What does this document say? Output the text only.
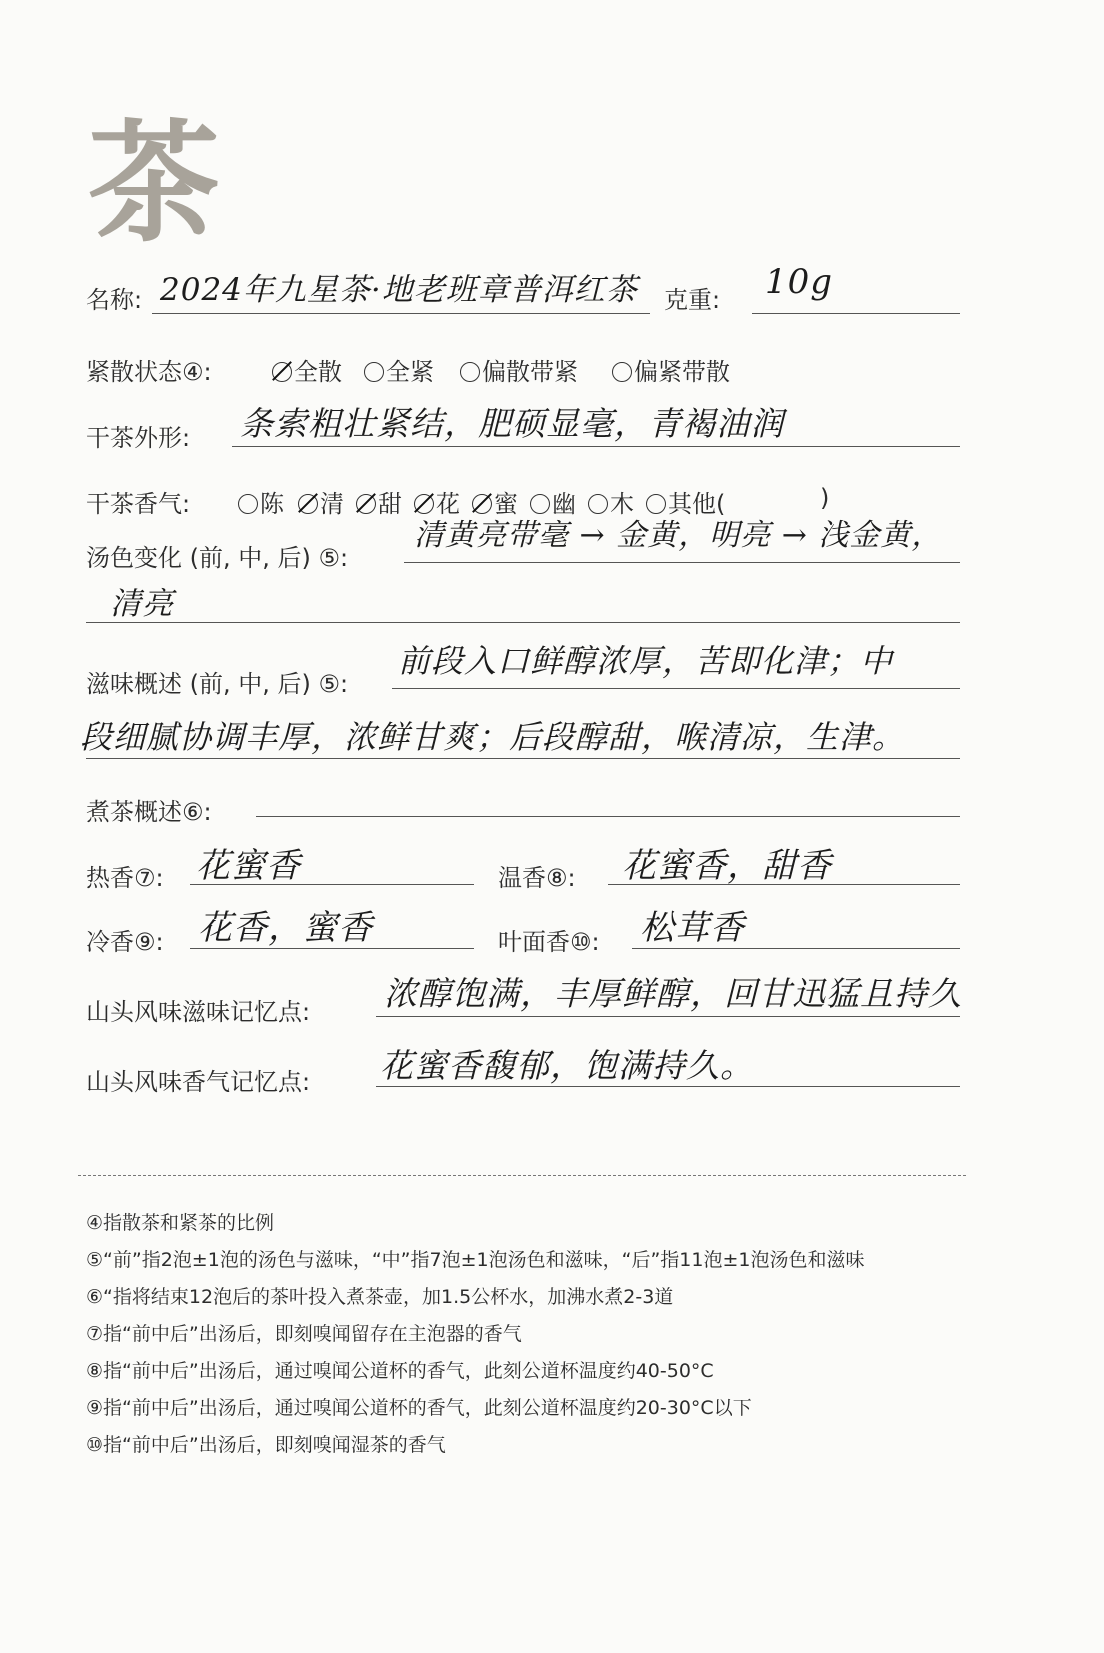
茶
名称: 2024年九星茶·地老班章普洱红茶 克重: 10g
紧散状态④:	全散	全紧	偏散带紧	偏紧带散
干茶外形: 条索粗壮紧结，肥硕显毫，青褐油润
干茶香气:	陈	清	甜	花	蜜	幽	木	其他(	)
汤色变化 (前, 中, 后) ⑤:
清黄亮带毫 → 金黄，明亮 → 浅金黄，
清亮
滋味概述 (前, 中, 后) ⑤:
前段入口鲜醇浓厚，苦即化津；中
段细腻协调丰厚，浓鲜甘爽；后段醇甜，喉清凉，生津。
煮茶概述⑥:
热香⑦: 花蜜香	温香⑧: 花蜜香，甜香
冷香⑨: 花香，蜜香	叶面香⑩: 松茸香
山头风味滋味记忆点: 浓醇饱满，丰厚鲜醇，回甘迅猛且持久
山头风味香气记忆点: 花蜜香馥郁，饱满持久。
④指散茶和紧茶的比例
⑤“前”指2泡±1泡的汤色与滋味，“中”指7泡±1泡汤色和滋味，“后”指11泡±1泡汤色和滋味
⑥“指将结束12泡后的茶叶投入煮茶壶，加1.5公杯水，加沸水煮2-3道
⑦指“前中后”出汤后，即刻嗅闻留存在主泡器的香气
⑧指“前中后”出汤后，通过嗅闻公道杯的香气，此刻公道杯温度约40-50°C
⑨指“前中后”出汤后，通过嗅闻公道杯的香气，此刻公道杯温度约20-30°C以下
⑩指“前中后”出汤后，即刻嗅闻湿茶的香气
